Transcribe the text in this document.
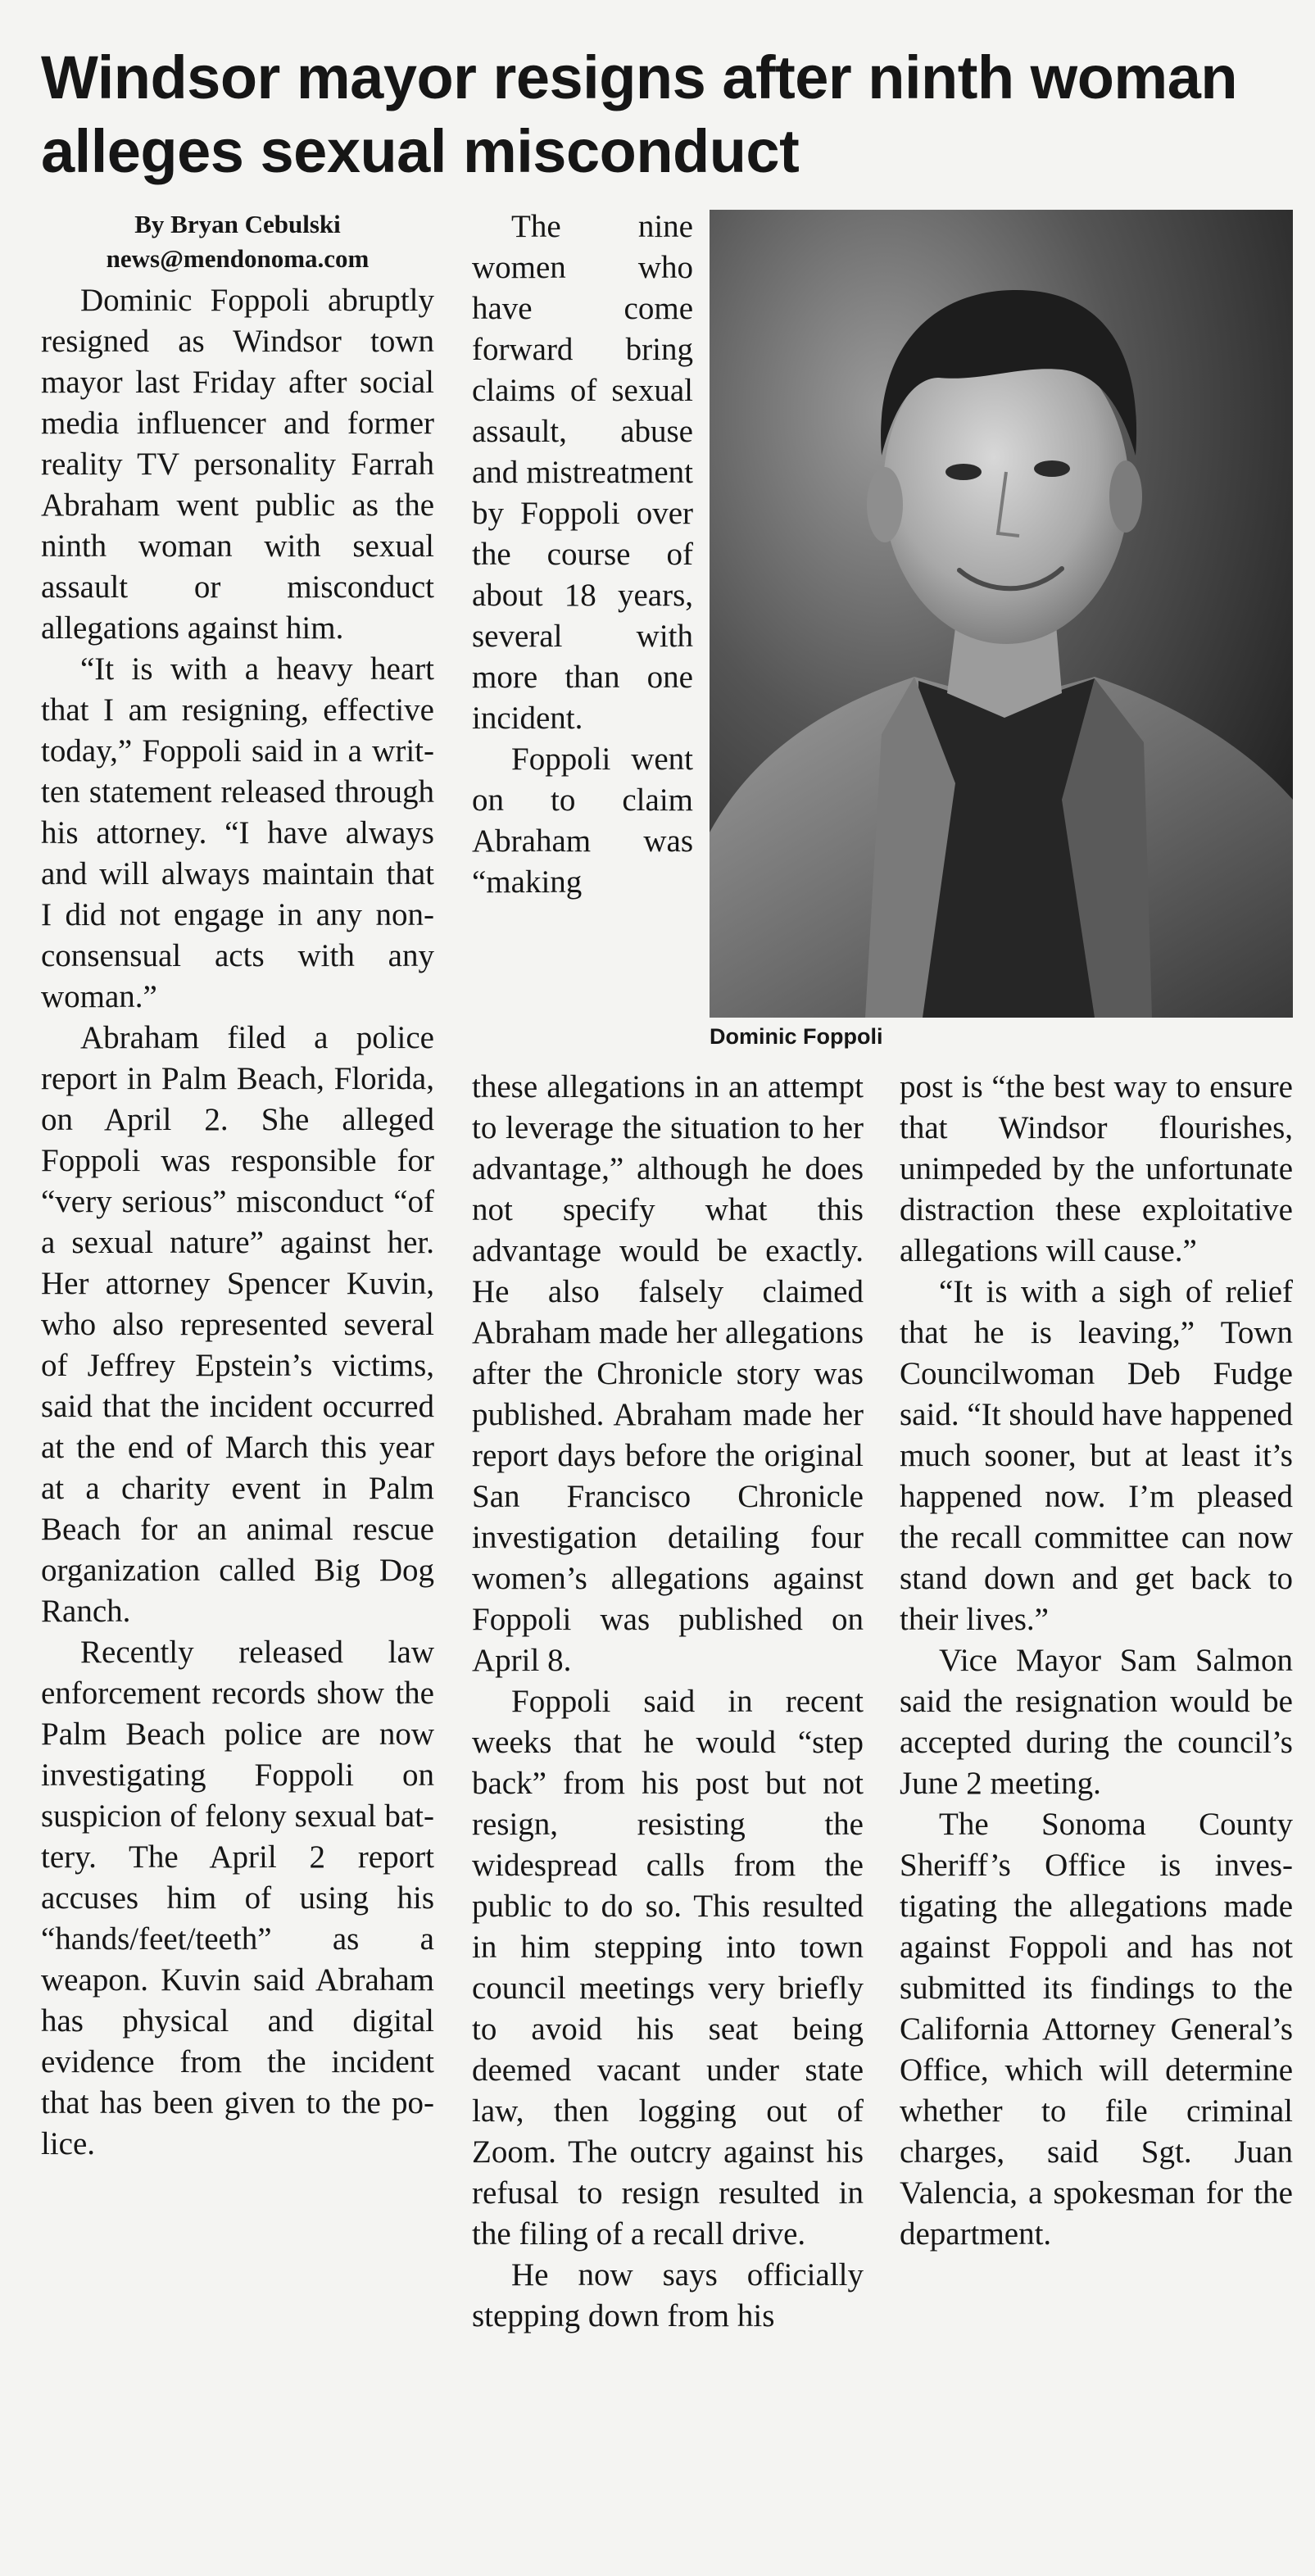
Windsor mayor resigns after ninth woman alleges sexual misconduct

By Bryan Cebulski

news@mendonoma.com

Dominic Foppoli abruptly resigned as Windsor town mayor last Friday after social media influencer and former reality TV personality Farrah Abraham went public as the ninth woman with sexual assault or misconduct allegations against him.

“It is with a heavy heart that I am resigning, effective today,” Foppoli said in a written statement released through his attorney. “I have always and will always maintain that I did not engage in any non-consensual acts with any woman.”

Abraham filed a police report in Palm Beach, Florida, on April 2. She alleged Foppoli was responsible for “very serious” misconduct “of a sexual nature” against her. Her attorney Spencer Kuvin, who also represented several of Jeffrey Epstein’s victims, said that the incident occurred at the end of March this year at a charity event in Palm Beach for an animal rescue organization called Big Dog Ranch.

Recently released law enforcement records show the Palm Beach police are now investigating Foppoli on suspicion of felony sexual battery. The April 2 report accuses him of using his “hands/feet/teeth” as a weapon. Kuvin said Abraham has physical and digital evidence from the incident that has been given to the police.

The nine women who have come forward bring claims of sexual assault, abuse and mistreatment by Foppoli over the course of about 18 years, several with more than one incident.

Foppoli went on to claim Abraham was “making

Dominic Foppoli

these allegations in an attempt to leverage the situation to her advantage,” although he does not specify what this advantage would be exactly. He also falsely claimed Abraham made her allegations after the Chronicle story was published. Abraham made her report days before the original San Francisco Chronicle investigation detailing four women’s allegations against Foppoli was published on April 8.

Foppoli said in recent weeks that he would “step back” from his post but not resign, resisting the widespread calls from the public to do so. This resulted in him stepping into town council meetings very briefly to avoid his seat being deemed vacant under state law, then logging out of Zoom. The outcry against his refusal to resign resulted in the filing of a recall drive.

He now says officially stepping down from his

post is “the best way to ensure that Windsor flourishes, unimpeded by the unfortunate distraction these exploitative allegations will cause.”

“It is with a sigh of relief that he is leaving,” Town Councilwoman Deb Fudge said. “It should have happened much sooner, but at least it’s happened now. I’m pleased the recall committee can now stand down and get back to their lives.”

Vice Mayor Sam Salmon said the resignation would be accepted during the council’s June 2 meeting.

The Sonoma County Sheriff’s Office is investigating the allegations made against Foppoli and has not submitted its findings to the California Attorney General’s Office, which will determine whether to file criminal charges, said Sgt. Juan Valencia, a spokesman for the department.
